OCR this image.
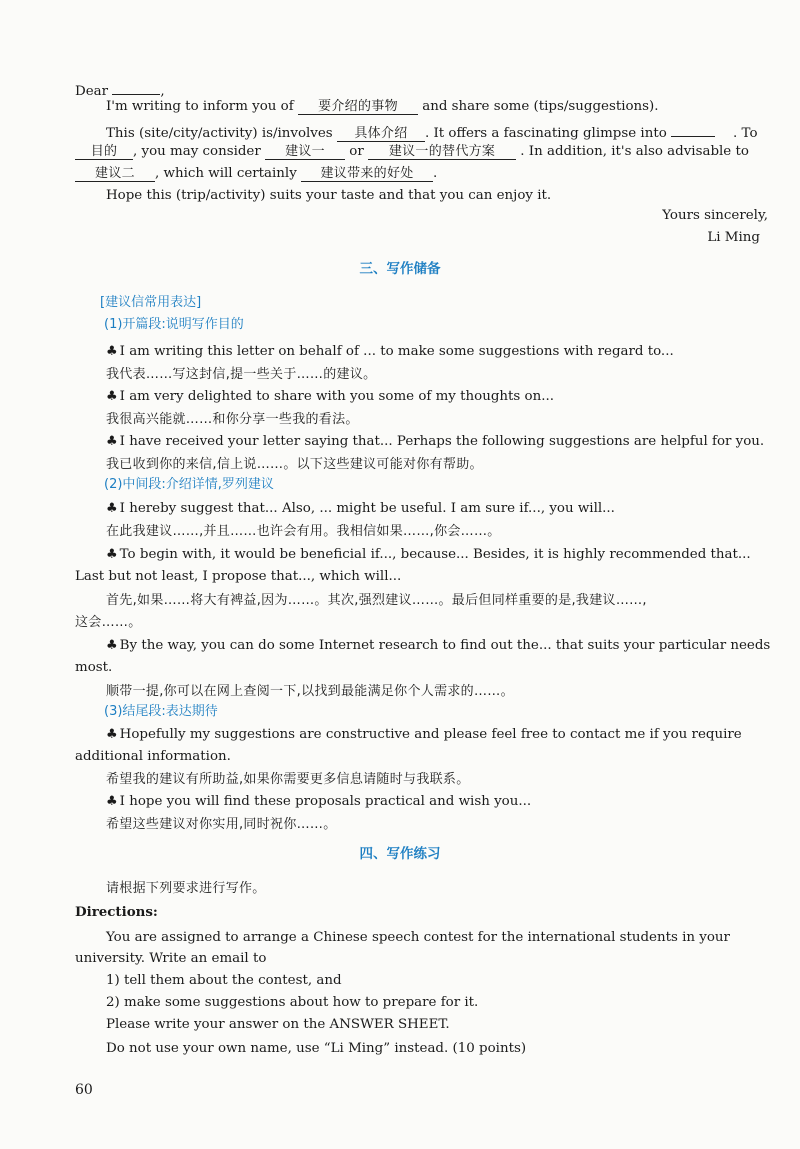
Dear	,
I'm writing to inform you of 要介绍的事物 and share some (tips/suggestions).
This (site/city/activity) is/involves 具体介绍 . It offers a fascinating glimpse into	. To
目的 , you may consider 建议一 or 建议一的替代方案 . In addition, it's also advisable to
建议二 , which will certainly 建议带来的好处 .
Hope this (trip/activity) suits your taste and that you can enjoy it.
Yours sincerely,
Li Ming
三、写作储备
[建议信常用表达]
(1)开篇段:说明写作目的
♣ I am writing this letter on behalf of ... to make some suggestions with regard to...
我代表……写这封信,提一些关于……的建议。
♣ I am very delighted to share with you some of my thoughts on...
我很高兴能就……和你分享一些我的看法。
♣ I have received your letter saying that... Perhaps the following suggestions are helpful for you.
我已收到你的来信,信上说……。以下这些建议可能对你有帮助。
(2)中间段:介绍详情,罗列建议
♣ I hereby suggest that... Also, ... might be useful. I am sure if..., you will...
在此我建议……,并且……也许会有用。我相信如果……,你会……。
♣ To begin with, it would be beneficial if..., because... Besides, it is highly recommended that...
Last but not least, I propose that..., which will...
首先,如果……将大有裨益,因为……。其次,强烈建议……。最后但同样重要的是,我建议……,
这会……。
♣ By the way, you can do some Internet research to find out the... that suits your particular needs
most.
顺带一提,你可以在网上查阅一下,以找到最能满足你个人需求的……。
(3)结尾段:表达期待
♣ Hopefully my suggestions are constructive and please feel free to contact me if you require
additional information.
希望我的建议有所助益,如果你需要更多信息请随时与我联系。
♣ I hope you will find these proposals practical and wish you...
希望这些建议对你实用,同时祝你……。
四、写作练习
请根据下列要求进行写作。
Directions:
You are assigned to arrange a Chinese speech contest for the international students in your
university. Write an email to
1) tell them about the contest, and
2) make some suggestions about how to prepare for it.
Please write your answer on the ANSWER SHEET.
Do not use your own name, use “Li Ming” instead. (10 points)
60
